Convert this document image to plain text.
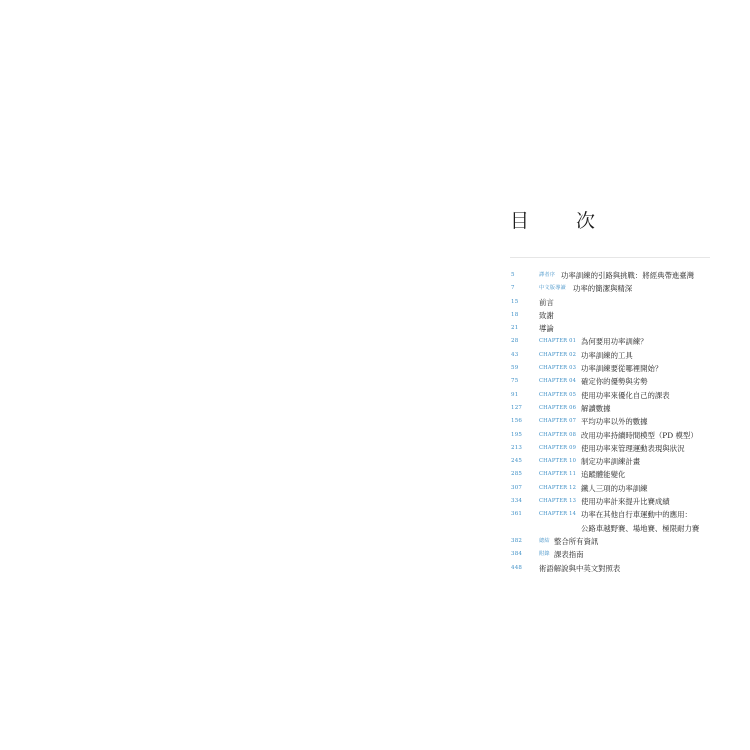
目　次
5	譯者序 功率訓練的引路與挑戰：將經典帶進臺灣
7	中文版導讀 功率的簡潔與精深
15	前言
18	致謝
21	導論
28	CHAPTER 01 為何要用功率訓練？
43	CHAPTER 02 功率訓練的工具
59	CHAPTER 03 功率訓練要從哪裡開始？
75	CHAPTER 04 確定你的優勢與劣勢
91	CHAPTER 05 使用功率來優化自己的課表
127	CHAPTER 06 解讀數據
156	CHAPTER 07 平均功率以外的數據
195	CHAPTER 08 改用功率持續時間模型（PD 模型）
213	CHAPTER 09 使用功率來管理運動表現與狀況
245	CHAPTER 10 制定功率訓練計畫
285	CHAPTER 11 追蹤體能變化
307	CHAPTER 12 鐵人三項的功率訓練
334	CHAPTER 13 使用功率計來提升比賽成績
361	CHAPTER 14 功率在其他自行車運動中的應用：
公路車越野賽、場地賽、極限耐力賽
382	總結 整合所有資訊
384	附錄 課表指南
448 術語解說與中英文對照表
